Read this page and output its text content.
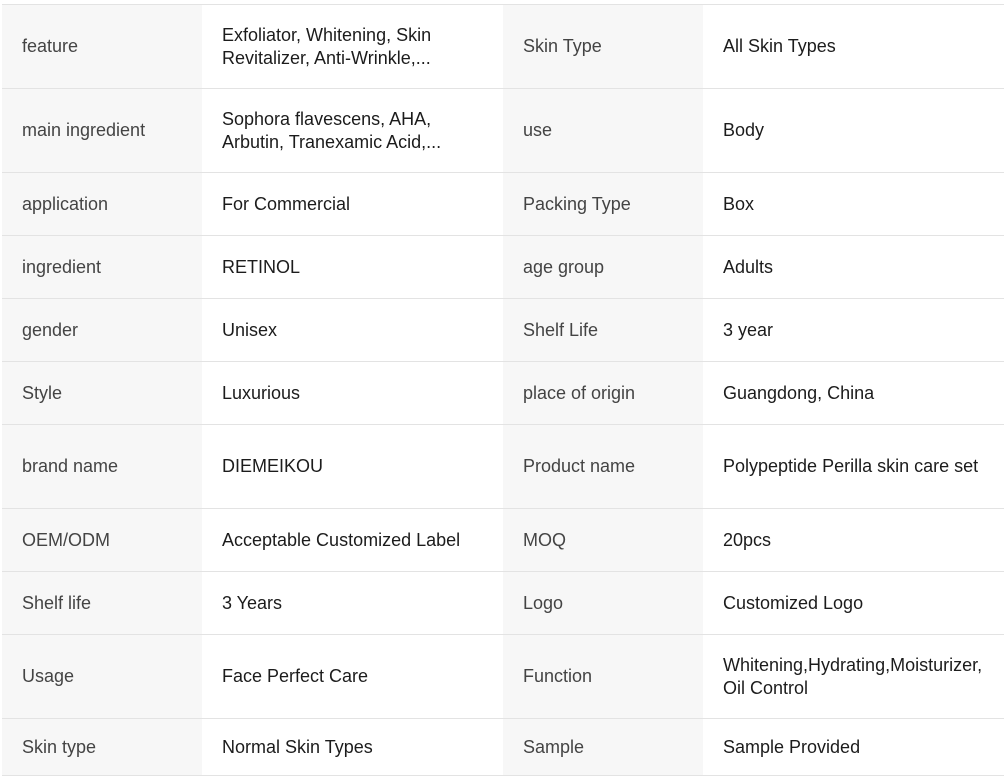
feature	Exfoliator, Whitening, Skin Revitalizer, Anti-Wrinkle,...	Skin Type	All Skin Types
main ingredient	Sophora flavescens, AHA, Arbutin, Tranexamic Acid,...	use	Body
application	For Commercial	Packing Type	Box
ingredient	RETINOL	age group	Adults
gender	Unisex	Shelf Life	3 year
Style	Luxurious	place of origin	Guangdong, China
brand name	DIEMEIKOU	Product name	Polypeptide Perilla skin care set

OEM/ODM	Acceptable Customized Label	MOQ	20pcs
Shelf life	3 Years	Logo	Customized Logo
Usage	Face Perfect Care	Function	Whitening,Hydrating,Moisturizer,Oil Control

Skin type	Normal Skin Types	Sample	Sample Provided
